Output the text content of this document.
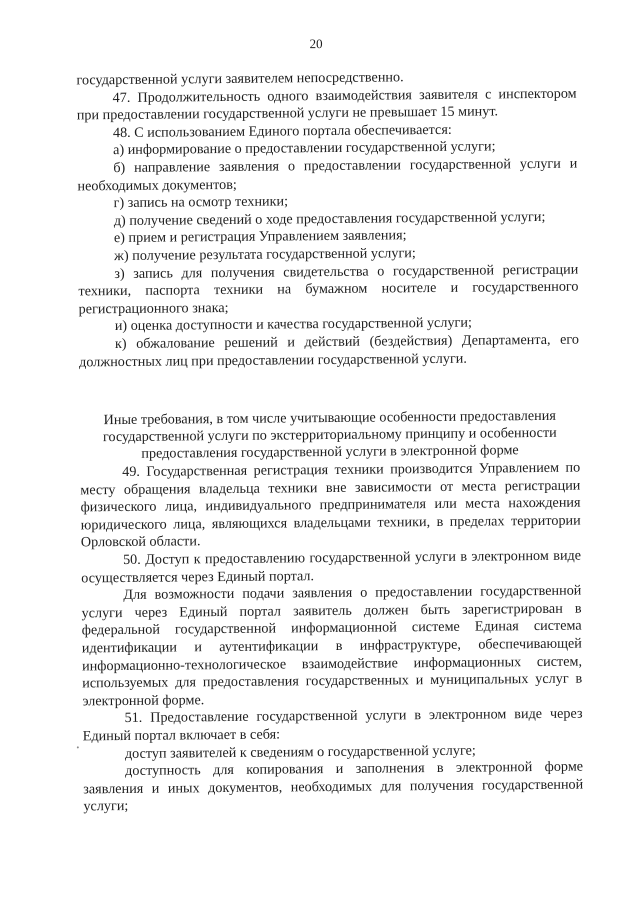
20

государственной услуги заявителем непосредственно.

47. Продолжительность одного взаимодействия заявителя с инспектором при предоставлении государственной услуги не превышает 15 минут.

48. С использованием Единого портала обеспечивается:

а) информирование о предоставлении государственной услуги;

б) направление заявления о предоставлении государственной услуги и необходимых документов;

г) запись на осмотр техники;

д) получение сведений о ходе предоставления государственной услуги;

е) прием и регистрация Управлением заявления;

ж) получение результата государственной услуги;

з) запись для получения свидетельства о государственной регистрации техники, паспорта техники на бумажном носителе и государственного регистрационного знака;

и) оценка доступности и качества государственной услуги;

к) обжалование решений и действий (бездействия) Департамента, его должностных лиц при предоставлении государственной услуги.

Иные требования, в том числе учитывающие особенности предоставления

государственной услуги по экстерриториальному принципу и особенности

предоставления государственной услуги в электронной форме

49. Государственная регистрация техники производится Управлением по месту обращения владельца техники вне зависимости от места регистрации физического лица, индивидуального предпринимателя или места нахождения юридического лица, являющихся владельцами техники, в пределах территории Орловской области.

50. Доступ к предоставлению государственной услуги в электронном виде осуществляется через Единый портал.

Для возможности подачи заявления о предоставлении государственной услуги через Единый портал заявитель должен быть зарегистрирован в федеральной государственной информационной системе Единая система идентификации и аутентификации в инфраструктуре, обеспечивающей информационно-технологическое взаимодействие информационных систем, используемых для предоставления государственных и муниципальных услуг в электронной форме.

51. Предоставление государственной услуги в электронном виде через Единый портал включает в себя:

доступ заявителей к сведениям о государственной услуге;

доступность для копирования и заполнения в электронной форме заявления и иных документов, необходимых для получения государственной услуги;
